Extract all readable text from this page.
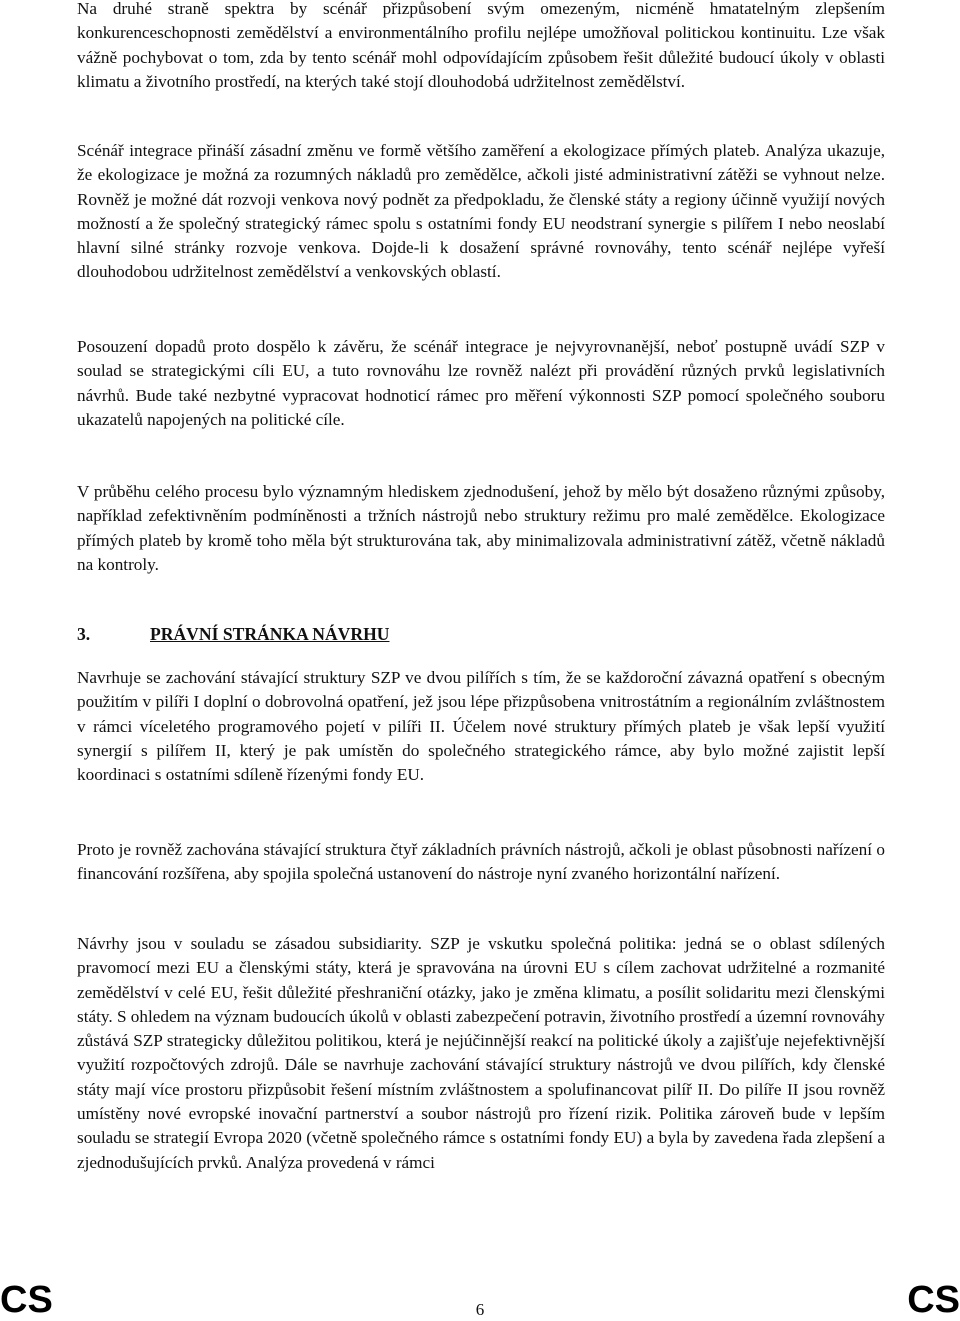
Na druhé straně spektra by scénář přizpůsobení svým omezeným, nicméně hmatatelným zlepšením konkurenceschopnosti zemědělství a environmentálního profilu nejlépe umožňoval politickou kontinuitu. Lze však vážně pochybovat o tom, zda by tento scénář mohl odpovídajícím způsobem řešit důležité budoucí úkoly v oblasti klimatu a životního prostředí, na kterých také stojí dlouhodobá udržitelnost zemědělství.

Scénář integrace přináší zásadní změnu ve formě většího zaměření a ekologizace přímých plateb. Analýza ukazuje, že ekologizace je možná za rozumných nákladů pro zemědělce, ačkoli jisté administrativní zátěži se vyhnout nelze. Rovněž je možné dát rozvoji venkova nový podnět za předpokladu, že členské státy a regiony účinně využijí nových možností a že společný strategický rámec spolu s ostatními fondy EU neodstraní synergie s pilířem I nebo neoslabí hlavní silné stránky rozvoje venkova. Dojde-li k dosažení správné rovnováhy, tento scénář nejlépe vyřeší dlouhodobou udržitelnost zemědělství a venkovských oblastí.

Posouzení dopadů proto dospělo k závěru, že scénář integrace je nejvyrovnanější, neboť postupně uvádí SZP v soulad se strategickými cíli EU, a tuto rovnováhu lze rovněž nalézt při provádění různých prvků legislativních návrhů. Bude také nezbytné vypracovat hodnoticí rámec pro měření výkonnosti SZP pomocí společného souboru ukazatelů napojených na politické cíle.

V průběhu celého procesu bylo významným hlediskem zjednodušení, jehož by mělo být dosaženo různými způsoby, například zefektivněním podmíněnosti a tržních nástrojů nebo struktury režimu pro malé zemědělce. Ekologizace přímých plateb by kromě toho měla být strukturována tak, aby minimalizovala administrativní zátěž, včetně nákladů na kontroly.

Navrhuje se zachování stávající struktury SZP ve dvou pilířích s tím, že se každoroční závazná opatření s obecným použitím v pilíři I doplní o dobrovolná opatření, jež jsou lépe přizpůsobena vnitrostátním a regionálním zvláštnostem v rámci víceletého programového pojetí v pilíři II. Účelem nové struktury přímých plateb je však lepší využití synergií s pilířem II, který je pak umístěn do společného strategického rámce, aby bylo možné zajistit lepší koordinaci s ostatními sdíleně řízenými fondy EU.

Proto je rovněž zachována stávající struktura čtyř základních právních nástrojů, ačkoli je oblast působnosti nařízení o financování rozšířena, aby spojila společná ustanovení do nástroje nyní zvaného horizontální nařízení.

Návrhy jsou v souladu se zásadou subsidiarity. SZP je vskutku společná politika: jedná se o oblast sdílených pravomocí mezi EU a členskými státy, která je spravována na úrovni EU s cílem zachovat udržitelné a rozmanité zemědělství v celé EU, řešit důležité přeshraniční otázky, jako je změna klimatu, a posílit solidaritu mezi členskými státy. S ohledem na význam budoucích úkolů v oblasti zabezpečení potravin, životního prostředí a územní rovnováhy zůstává SZP strategicky důležitou politikou, která je nejúčinnější reakcí na politické úkoly a zajišťuje nejefektivnější využití rozpočtových zdrojů. Dále se navrhuje zachování stávající struktury nástrojů ve dvou pilířích, kdy členské státy mají více prostoru přizpůsobit řešení místním zvláštnostem a spolufinancovat pilíř II. Do pilíře II jsou rovněž umístěny nové evropské inovační partnerství a soubor nástrojů pro řízení rizik. Politika zároveň bude v lepším souladu se strategií Evropa 2020 (včetně společného rámce s ostatními fondy EU) a byla by zavedena řada zlepšení a zjednodušujících prvků. Analýza provedená v rámci

3.	PRÁVNÍ STRÁNKA NÁVRHU
CS	CS
6
